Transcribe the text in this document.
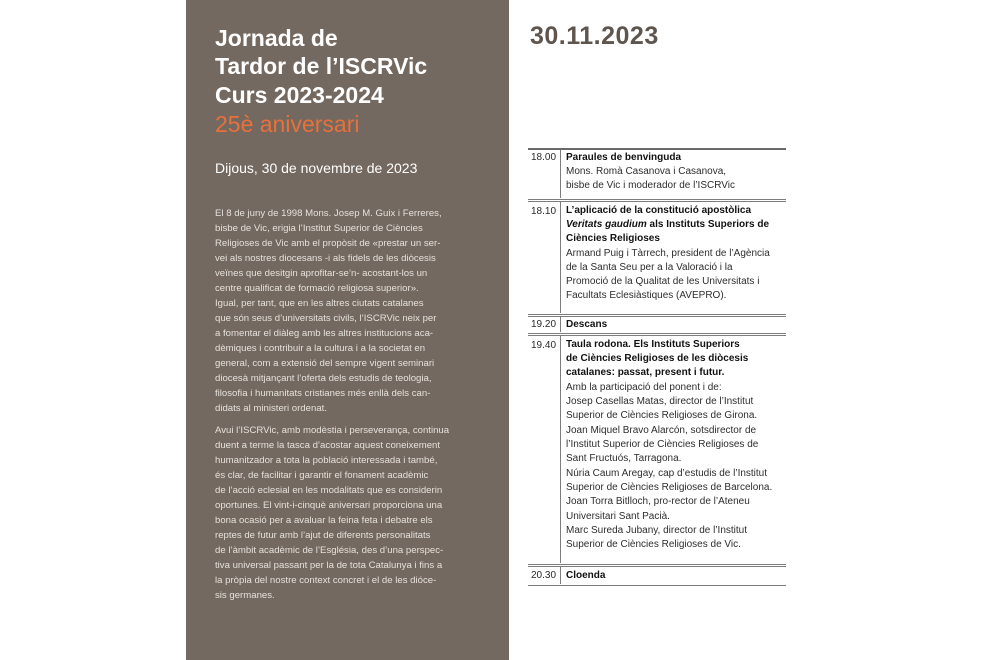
Jornada de
Tardor de l’ISCRVic
Curs 2023-2024
25è aniversari
Dijous, 30 de novembre de 2023
El 8 de juny de 1998 Mons. Josep M. Guix i Ferreres,
bisbe de Vic, erigia l’Institut Superior de Ciències
Religioses de Vic amb el propòsit de «prestar un ser-
vei als nostres diocesans -i als fidels de les diòcesis
veïnes que desitgin aprofitar-se’n- acostant-los un
centre qualificat de formació religiosa superior».
Igual, per tant, que en les altres ciutats catalanes
que són seus d’universitats civils, l’ISCRVic neix per
a fomentar el diàleg amb les altres institucions aca-
dèmiques i contribuir a la cultura i a la societat en
general, com a extensió del sempre vigent seminari
diocesà mitjançant l’oferta dels estudis de teologia,
filosofia i humanitats cristianes més enllà dels can-
didats al ministeri ordenat.
Avui l’ISCRVic, amb modèstia i perseverança, continua
duent a terme la tasca d’acostar aquest coneixement
humanitzador a tota la població interessada i també,
és clar, de facilitar i garantir el fonament acadèmic
de l’acció eclesial en les modalitats que es considerin
oportunes. El vint-i-cinquè aniversari proporciona una
bona ocasió per a avaluar la feina feta i debatre els
reptes de futur amb l’ajut de diferents personalitats
de l’àmbit acadèmic de l’Església, des d’una perspec-
tiva universal passant per la de tota Catalunya i fins a
la pròpia del nostre context concret i el de les dióce-
sis germanes.
30.11.2023
18.00 Paraules de benvinguda
Mons. Romà Casanova i Casanova,
bisbe de Vic i moderador de l’ISCRVic
18.10 L’aplicació de la constitució apostòlica
Veritats gaudium als Instituts Superiors de
Ciències Religioses
Armand Puig i Tàrrech, president de l’Agència
de la Santa Seu per a la Valoració i la
Promoció de la Qualitat de les Universitats i
Facultats Eclesiàstiques (AVEPRO).
19.20 Descans
19.40 Taula rodona. Els Instituts Superiors
de Ciències Religioses de les diòcesis
catalanes: passat, present i futur.
Amb la participació del ponent i de:
Josep Casellas Matas, director de l’Institut
Superior de Ciències Religioses de Girona.
Joan Miquel Bravo Alarcón, sotsdirector de
l’Institut Superior de Ciències Religioses de
Sant Fructuós, Tarragona.
Núria Caum Aregay, cap d’estudis de l’Institut
Superior de Ciències Religioses de Barcelona.
Joan Torra Bitlloch, pro-rector de l’Ateneu
Universitari Sant Pacià.
Marc Sureda Jubany, director de l’Institut
Superior de Ciències Religioses de Vic.
20.30 Cloenda
